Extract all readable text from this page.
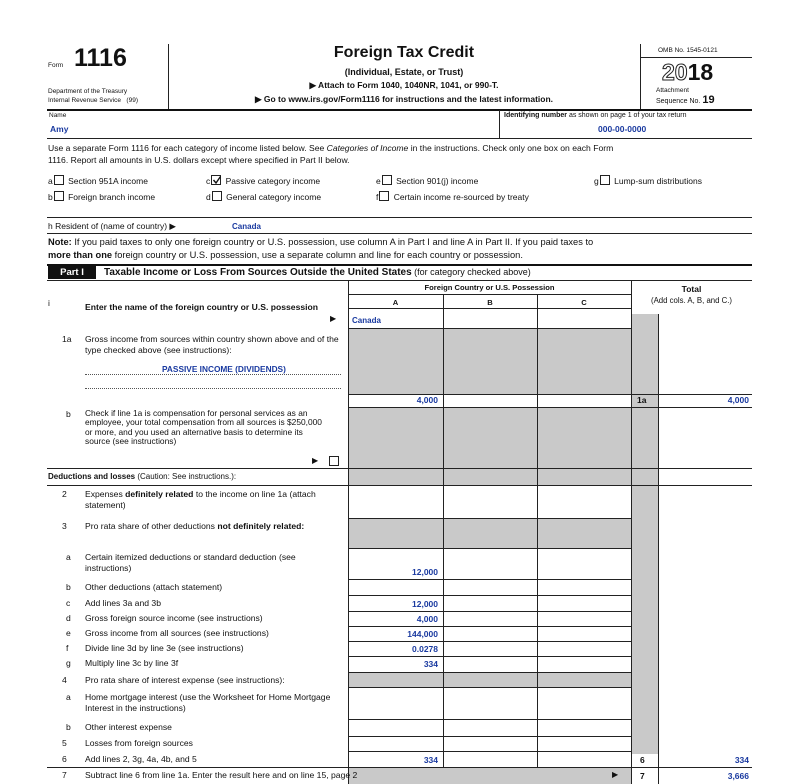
Form 1116
Department of the Treasury
Internal Revenue Service (99)
Foreign Tax Credit
(Individual, Estate, or Trust)
▶ Attach to Form 1040, 1040NR, 1041, or 990-T.
▶ Go to www.irs.gov/Form1116 for instructions and the latest information.
OMB No. 1545-0121
2018
Attachment
Sequence No. 19
Name
Amy
Identifying number as shown on page 1 of your tax return
000-00-0000
Use a separate Form 1116 for each category of income listed below. See Categories of Income in the instructions. Check only one box on each Form
1116. Report all amounts in U.S. dollars except where specified in Part II below.
a Section 951A income
b Foreign branch income
c Passive category income
d General category income
e Section 901(j) income
f Certain income re-sourced by treaty
g Lump-sum distributions
h Resident of (name of country) ▶	Canada
Note: If you paid taxes to only one foreign country or U.S. possession, use column A in Part I and line A in Part II. If you paid taxes to
more than one foreign country or U.S. possession, use a separate column and line for each country or possession.
Part I	Taxable Income or Loss From Sources Outside the United States (for category checked above)
Foreign Country or U.S. Possession
A	B	C
Total
(Add cols. A, B, and C.)
i	Enter the name of the foreign country or U.S. possession
▶ Canada
1a Gross income from sources within country shown above and of the type checked above (see instructions):
PASSIVE INCOME (DIVIDENDS)
4,000	1a	4,000
b Check if line 1a is compensation for personal services as an employee, your total compensation from all sources is $250,000 or more, and you used an alternative basis to determine its source (see instructions)
▶
Deductions and losses (Caution: See instructions.):
2 Expenses definitely related to the income on line 1a (attach statement)
3 Pro rata share of other deductions not definitely related:
a Certain itemized deductions or standard deduction (see instructions)	12,000
b Other deductions (attach statement)
c Add lines 3a and 3b	12,000
d Gross foreign source income (see instructions)	4,000
e Gross income from all sources (see instructions)	144,000
f Divide line 3d by line 3e (see instructions)	0.0278
g Multiply line 3c by line 3f	334
4 Pro rata share of interest expense (see instructions):
a Home mortgage interest (use the Worksheet for Home Mortgage Interest in the instructions)
b Other interest expense
5 Losses from foreign sources
6 Add lines 2, 3g, 4a, 4b, and 5	334	6	334
7 Subtract line 6 from line 1a. Enter the result here and on line 15, page 2	▶	7	3,666
